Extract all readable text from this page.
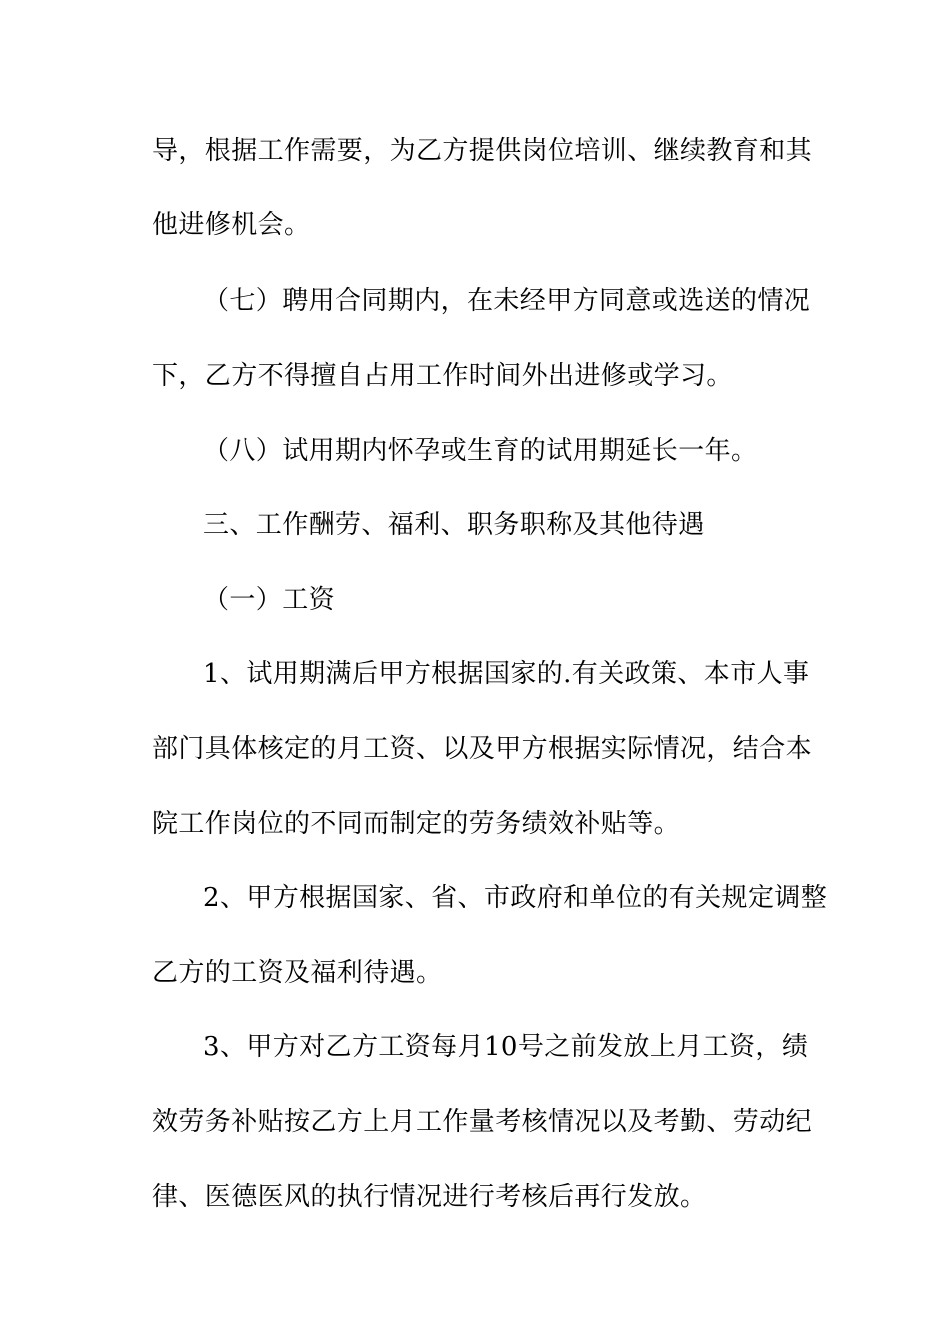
导，根据工作需要，为乙方提供岗位培训、继续教育和其
他进修机会。
（七）聘用合同期内，在未经甲方同意或选送的情况
下，乙方不得擅自占用工作时间外出进修或学习。
（八）试用期内怀孕或生育的试用期延长一年。
三、工作酬劳、福利、职务职称及其他待遇
（一）工资
1、试用期满后甲方根据国家的.有关政策、本市人事
部门具体核定的月工资、以及甲方根据实际情况，结合本
院工作岗位的不同而制定的劳务绩效补贴等。
2、甲方根据国家、省、市政府和单位的有关规定调整
乙方的工资及福利待遇。
3、甲方对乙方工资每月10号之前发放上月工资，绩
效劳务补贴按乙方上月工作量考核情况以及考勤、劳动纪
律、医德医风的执行情况进行考核后再行发放。
